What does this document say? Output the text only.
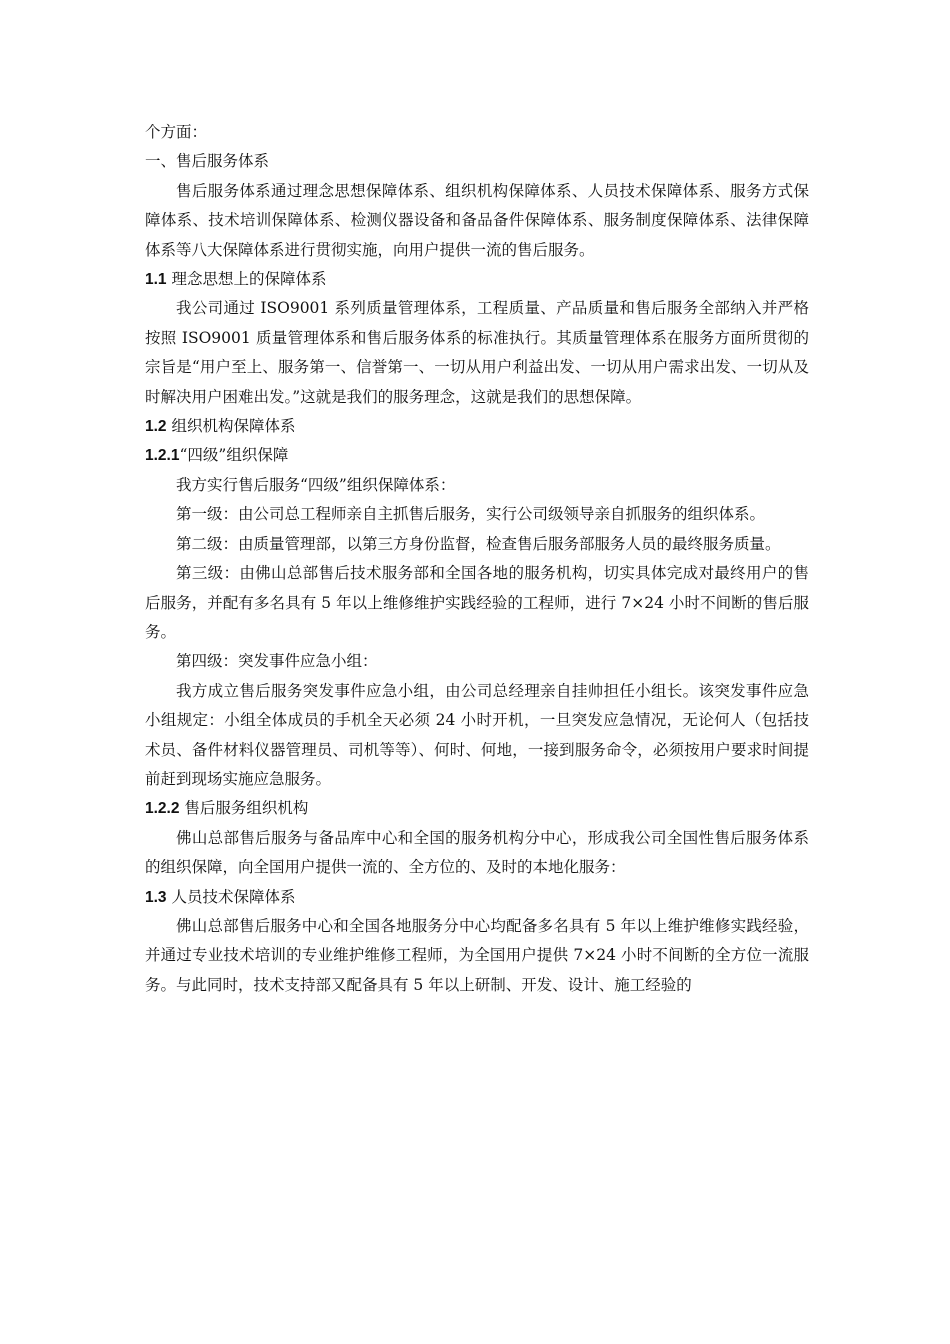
个方面：

一、售后服务体系

售后服务体系通过理念思想保障体系、组织机构保障体系、人员技术保障体系、服务方式保障体系、技术培训保障体系、检测仪器设备和备品备件保障体系、服务制度保障体系、法律保障体系等八大保障体系进行贯彻实施，向用户提供一流的售后服务。

1.1 理念思想上的保障体系

我公司通过 ISO9001 系列质量管理体系，工程质量、产品质量和售后服务全部纳入并严格按照 ISO9001 质量管理体系和售后服务体系的标准执行。其质量管理体系在服务方面所贯彻的宗旨是“用户至上、服务第一、信誉第一、一切从用户利益出发、一切从用户需求出发、一切从及时解决用户困难出发。”这就是我们的服务理念，这就是我们的思想保障。

1.2 组织机构保障体系

1.2.1“四级”组织保障

我方实行售后服务“四级”组织保障体系：

第一级：由公司总工程师亲自主抓售后服务，实行公司级领导亲自抓服务的组织体系。

第二级：由质量管理部，以第三方身份监督，检查售后服务部服务人员的最终服务质量。

第三级：由佛山总部售后技术服务部和全国各地的服务机构，切实具体完成对最终用户的售后服务，并配有多名具有 5 年以上维修维护实践经验的工程师，进行 7×24 小时不间断的售后服务。

第四级：突发事件应急小组：

我方成立售后服务突发事件应急小组，由公司总经理亲自挂帅担任小组长。该突发事件应急小组规定：小组全体成员的手机全天必须 24 小时开机，一旦突发应急情况，无论何人（包括技术员、备件材料仪器管理员、司机等等）、何时、何地，一接到服务命令，必须按用户要求时间提前赶到现场实施应急服务。

1.2.2 售后服务组织机构

佛山总部售后服务与备品库中心和全国的服务机构分中心，形成我公司全国性售后服务体系的组织保障，向全国用户提供一流的、全方位的、及时的本地化服务：

1.3 人员技术保障体系

佛山总部售后服务中心和全国各地服务分中心均配备多名具有 5 年以上维护维修实践经验，并通过专业技术培训的专业维护维修工程师，为全国用户提供 7×24 小时不间断的全方位一流服务。与此同时，技术支持部又配备具有 5 年以上研制、开发、设计、施工经验的
